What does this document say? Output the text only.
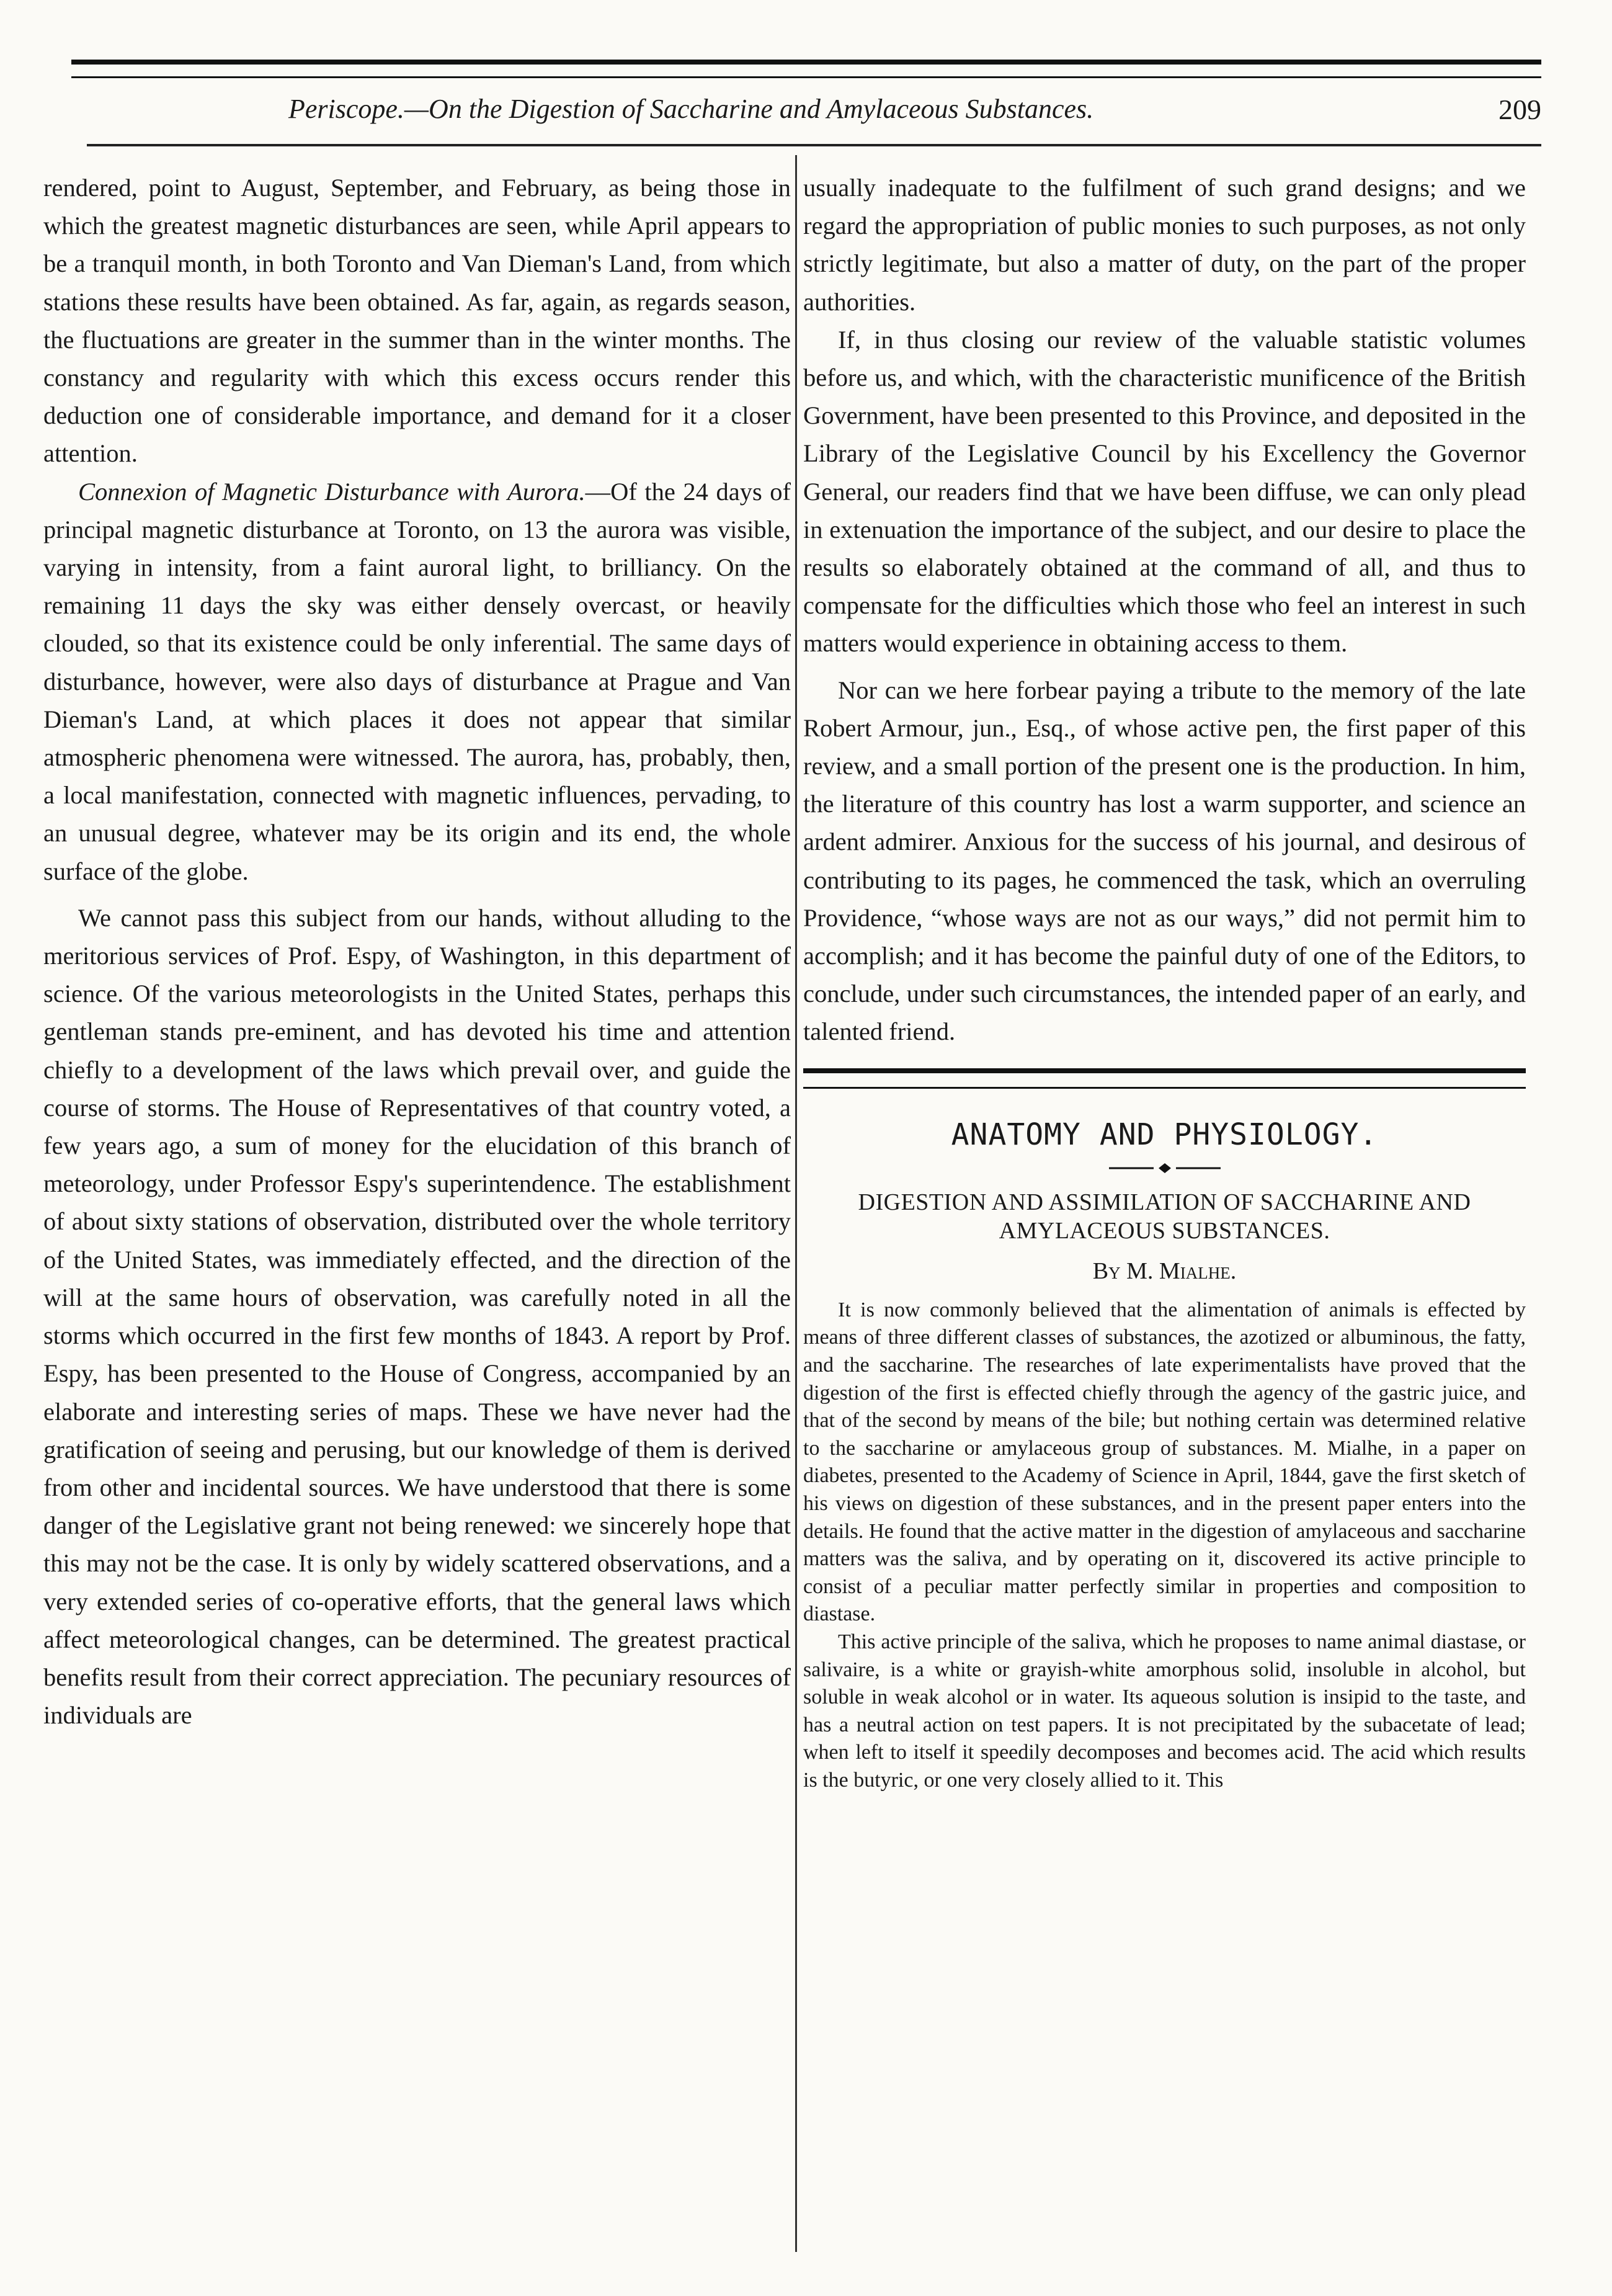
Periscope.—On the Digestion of Saccharine and Amylaceous Substances.	209

rendered, point to August, September, and February, as being those in which the greatest magnetic disturbances are seen, while April appears to be a tranquil month, in both Toronto and Van Dieman's Land, from which stations these results have been obtained. As far, again, as regards season, the fluctuations are greater in the summer than in the winter months. The constancy and regularity with which this excess occurs render this deduction one of considerable importance, and demand for it a closer attention.

Connexion of Magnetic Disturbance with Aurora.—Of the 24 days of principal magnetic disturbance at Toronto, on 13 the aurora was visible, varying in intensity, from a faint auroral light, to brilliancy. On the remaining 11 days the sky was either densely overcast, or heavily clouded, so that its existence could be only inferential. The same days of disturbance, however, were also days of disturbance at Prague and Van Dieman's Land, at which places it does not appear that similar atmospheric phenomena were witnessed. The aurora, has, probably, then, a local manifestation, connected with magnetic influences, pervading, to an unusual degree, whatever may be its origin and its end, the whole surface of the globe.

We cannot pass this subject from our hands, without alluding to the meritorious services of Prof. Espy, of Washington, in this department of science. Of the various meteorologists in the United States, perhaps this gentleman stands pre-eminent, and has devoted his time and attention chiefly to a development of the laws which prevail over, and guide the course of storms. The House of Representatives of that country voted, a few years ago, a sum of money for the elucidation of this branch of meteorology, under Professor Espy's superintendence. The establishment of about sixty stations of observation, distributed over the whole territory of the United States, was immediately effected, and the direction of the will at the same hours of observation, was carefully noted in all the storms which occurred in the first few months of 1843. A report by Prof. Espy, has been presented to the House of Congress, accompanied by an elaborate and interesting series of maps. These we have never had the gratification of seeing and perusing, but our knowledge of them is derived from other and incidental sources. We have understood that there is some danger of the Legislative grant not being renewed: we sincerely hope that this may not be the case. It is only by widely scattered observations, and a very extended series of co-operative efforts, that the general laws which affect meteorological changes, can be determined. The greatest practical benefits result from their correct appreciation. The pecuniary resources of individuals are

usually inadequate to the fulfilment of such grand designs; and we regard the appropriation of public monies to such purposes, as not only strictly legitimate, but also a matter of duty, on the part of the proper authorities.

If, in thus closing our review of the valuable statistic volumes before us, and which, with the characteristic munificence of the British Government, have been presented to this Province, and deposited in the Library of the Legislative Council by his Excellency the Governor General, our readers find that we have been diffuse, we can only plead in extenuation the importance of the subject, and our desire to place the results so elaborately obtained at the command of all, and thus to compensate for the difficulties which those who feel an interest in such matters would experience in obtaining access to them.

Nor can we here forbear paying a tribute to the memory of the late Robert Armour, jun., Esq., of whose active pen, the first paper of this review, and a small portion of the present one is the production. In him, the literature of this country has lost a warm supporter, and science an ardent admirer. Anxious for the success of his journal, and desirous of contributing to its pages, he commenced the task, which an overruling Providence, “whose ways are not as our ways,” did not permit him to accomplish; and it has become the painful duty of one of the Editors, to conclude, under such circumstances, the intended paper of an early, and talented friend.

ANATOMY AND PHYSIOLOGY.
DIGESTION AND ASSIMILATION OF SACCHARINE AND AMYLACEOUS SUBSTANCES.
By M. Mialhe.

It is now commonly believed that the alimentation of animals is effected by means of three different classes of substances, the azotized or albuminous, the fatty, and the saccharine. The researches of late experimentalists have proved that the digestion of the first is effected chiefly through the agency of the gastric juice, and that of the second by means of the bile; but nothing certain was determined relative to the saccharine or amylaceous group of substances. M. Mialhe, in a paper on diabetes, presented to the Academy of Science in April, 1844, gave the first sketch of his views on digestion of these substances, and in the present paper enters into the details. He found that the active matter in the digestion of amylaceous and saccharine matters was the saliva, and by operating on it, discovered its active principle to consist of a peculiar matter perfectly similar in properties and composition to diastase.

This active principle of the saliva, which he proposes to name animal diastase, or salivaire, is a white or grayish-white amorphous solid, insoluble in alcohol, but soluble in weak alcohol or in water. Its aqueous solution is insipid to the taste, and has a neutral action on test papers. It is not precipitated by the subacetate of lead; when left to itself it speedily decomposes and becomes acid. The acid which results is the butyric, or one very closely allied to it. This
